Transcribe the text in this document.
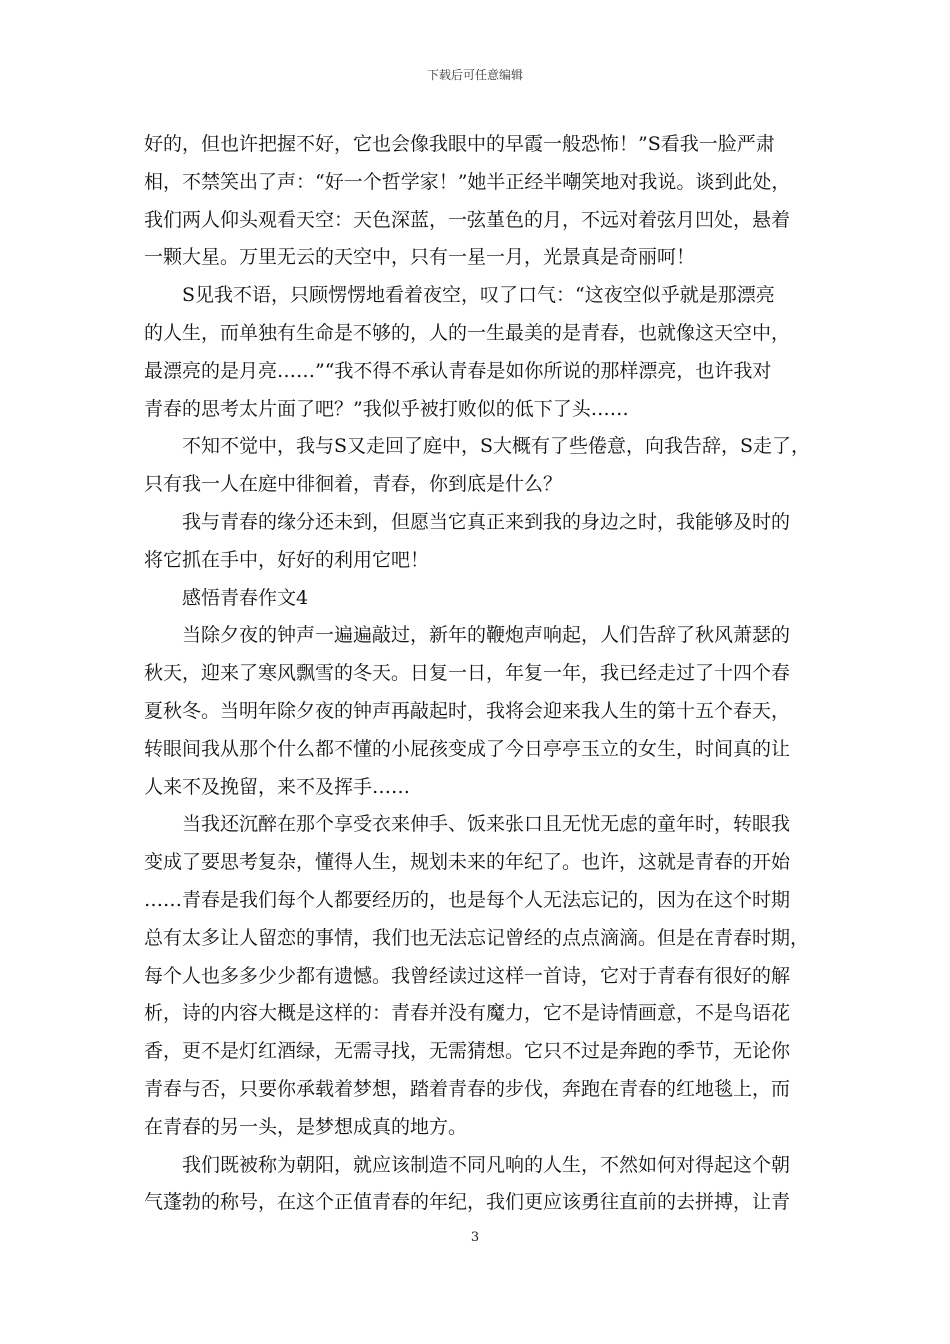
下载后可任意编辑
好的，但也许把握不好，它也会像我眼中的早霞一般恐怖！”S看我一脸严肃
相，不禁笑出了声：“好一个哲学家！”她半正经半嘲笑地对我说。谈到此处，
我们两人仰头观看天空：天色深蓝，一弦堇色的月，不远对着弦月凹处，悬着
一颗大星。万里无云的天空中，只有一星一月，光景真是奇丽呵！
S见我不语，只顾愣愣地看着夜空，叹了口气：“这夜空似乎就是那漂亮
的人生，而单独有生命是不够的，人的一生最美的是青春，也就像这天空中，
最漂亮的是月亮……”“我不得不承认青春是如你所说的那样漂亮，也许我对
青春的思考太片面了吧？”我似乎被打败似的低下了头……
不知不觉中，我与S又走回了庭中，S大概有了些倦意，向我告辞，S走了，
只有我一人在庭中徘徊着，青春，你到底是什么？
我与青春的缘分还未到，但愿当它真正来到我的身边之时，我能够及时的
将它抓在手中，好好的利用它吧！
感悟青春作文4
当除夕夜的钟声一遍遍敲过，新年的鞭炮声响起，人们告辞了秋风萧瑟的
秋天，迎来了寒风飘雪的冬天。日复一日，年复一年，我已经走过了十四个春
夏秋冬。当明年除夕夜的钟声再敲起时，我将会迎来我人生的第十五个春天，
转眼间我从那个什么都不懂的小屁孩变成了今日亭亭玉立的女生，时间真的让
人来不及挽留，来不及挥手……
当我还沉醉在那个享受衣来伸手、饭来张口且无忧无虑的童年时，转眼我
变成了要思考复杂，懂得人生，规划未来的年纪了。也许，这就是青春的开始
……青春是我们每个人都要经历的，也是每个人无法忘记的，因为在这个时期
总有太多让人留恋的事情，我们也无法忘记曾经的点点滴滴。但是在青春时期，
每个人也多多少少都有遗憾。我曾经读过这样一首诗，它对于青春有很好的解
析，诗的内容大概是这样的：青春并没有魔力，它不是诗情画意，不是鸟语花
香，更不是灯红酒绿，无需寻找，无需猜想。它只不过是奔跑的季节，无论你
青春与否，只要你承载着梦想，踏着青春的步伐，奔跑在青春的红地毯上，而
在青春的另一头，是梦想成真的地方。
我们既被称为朝阳，就应该制造不同凡响的人生，不然如何对得起这个朝
气蓬勃的称号，在这个正值青春的年纪，我们更应该勇往直前的去拼搏，让青
3
